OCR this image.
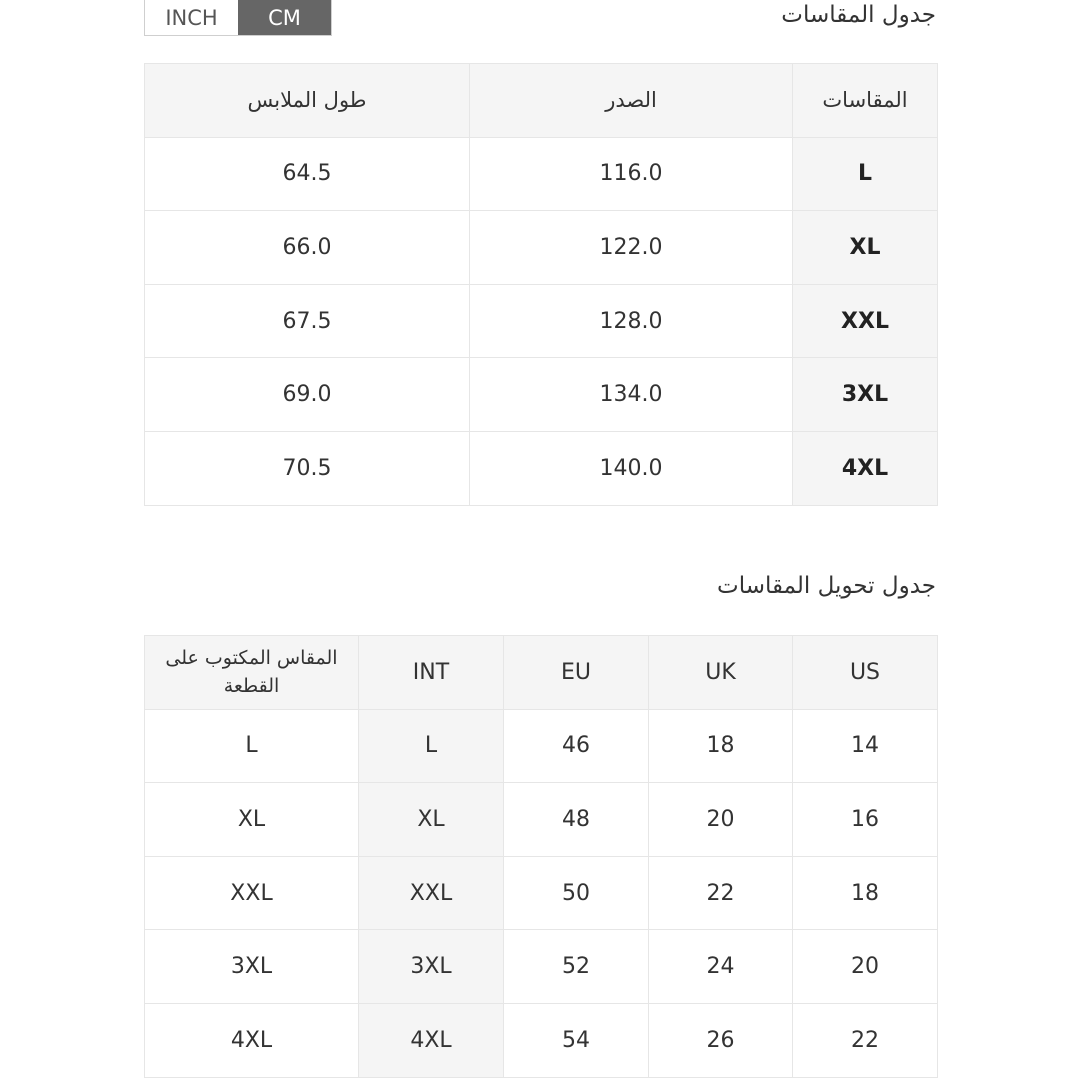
INCH	CM	جدول المقاسات
المقاسات	الصدر	طول الملابس
L	116.0	64.5
XL	122.0	66.0
XXL	128.0	67.5
3XL	134.0	69.0
4XL	140.0	70.5
جدول تحويل المقاسات
US	UK	EU	INT	المقاس المكتوب على القطعة
14	18	46	L	L
16	20	48	XL	XL
18	22	50	XXL	XXL
20	24	52	3XL	3XL
22	26	54	4XL	4XL
